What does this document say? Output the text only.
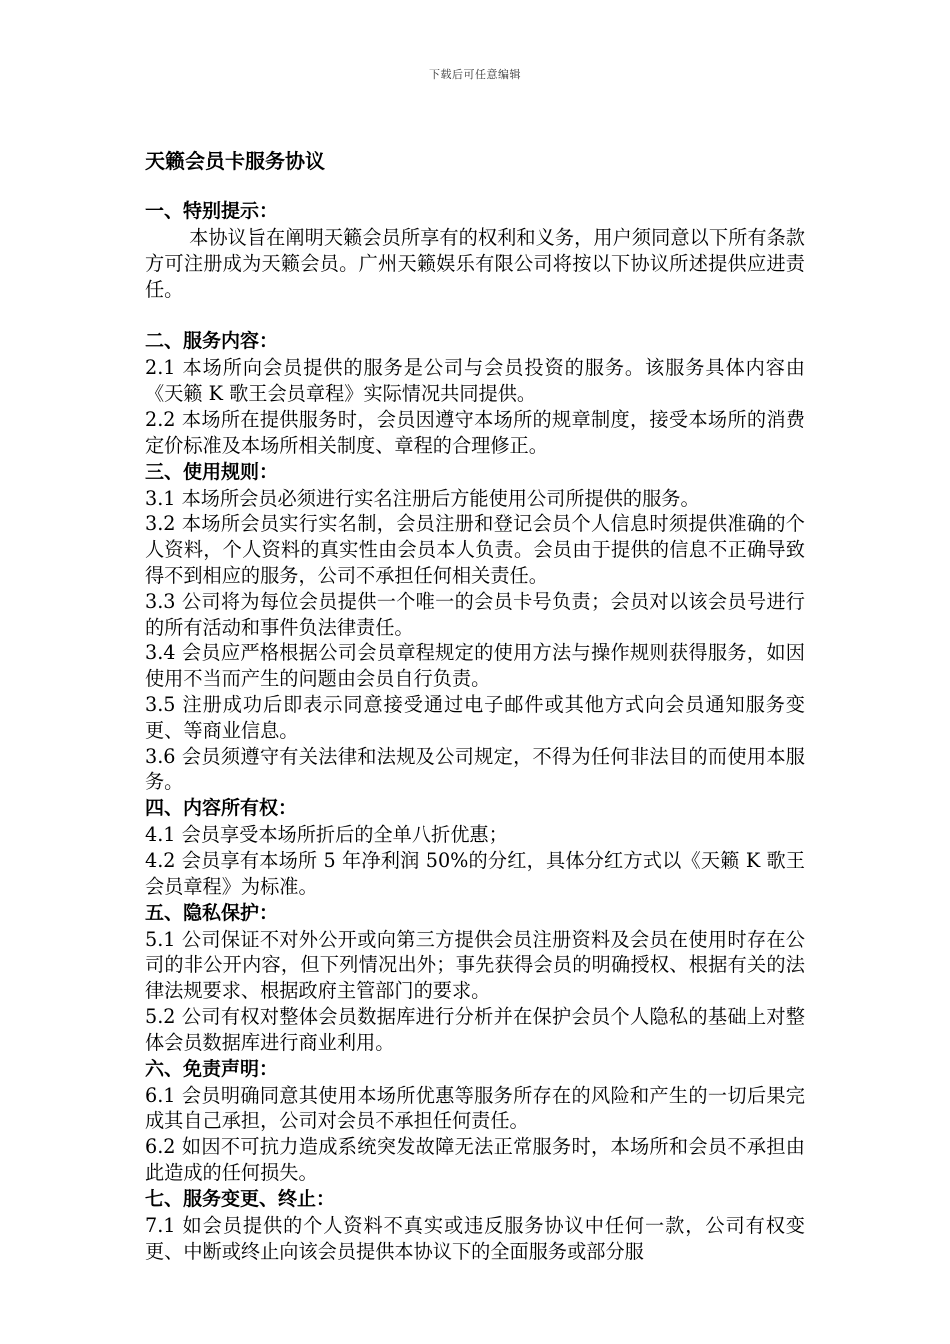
下载后可任意编辑
天籁会员卡服务协议
一、特别提示：

本协议旨在阐明天籁会员所享有的权利和义务，用户须同意以下所有条款方可注册成为天籁会员。广州天籁娱乐有限公司将按以下协议所述提供应进责任。

二、服务内容：

2.1 本场所向会员提供的服务是公司与会员投资的服务。该服务具体内容由《天籁 K 歌王会员章程》实际情况共同提供。

2.2 本场所在提供服务时，会员因遵守本场所的规章制度，接受本场所的消费定价标准及本场所相关制度、章程的合理修正。

三、使用规则：

3.1 本场所会员必须进行实名注册后方能使用公司所提供的服务。

3.2 本场所会员实行实名制，会员注册和登记会员个人信息时须提供准确的个人资料，个人资料的真实性由会员本人负责。会员由于提供的信息不正确导致得不到相应的服务，公司不承担任何相关责任。

3.3 公司将为每位会员提供一个唯一的会员卡号负责；会员对以该会员号进行的所有活动和事件负法律责任。

3.4 会员应严格根据公司会员章程规定的使用方法与操作规则获得服务，如因使用不当而产生的问题由会员自行负责。

3.5 注册成功后即表示同意接受通过电子邮件或其他方式向会员通知服务变更、等商业信息。

3.6 会员须遵守有关法律和法规及公司规定，不得为任何非法目的而使用本服务。

四、内容所有权：

4.1 会员享受本场所折后的全单八折优惠；

4.2 会员享有本场所 5 年净利润 50%的分红，具体分红方式以《天籁 K 歌王会员章程》为标准。

五、隐私保护：

5.1 公司保证不对外公开或向第三方提供会员注册资料及会员在使用时存在公司的非公开内容，但下列情况出外；事先获得会员的明确授权、根据有关的法律法规要求、根据政府主管部门的要求。

5.2 公司有权对整体会员数据库进行分析并在保护会员个人隐私的基础上对整体会员数据库进行商业利用。

六、免责声明：

6.1 会员明确同意其使用本场所优惠等服务所存在的风险和产生的一切后果完成其自己承担，公司对会员不承担任何责任。

6.2 如因不可抗力造成系统突发故障无法正常服务时，本场所和会员不承担由此造成的任何损失。

七、服务变更、终止：

7.1 如会员提供的个人资料不真实或违反服务协议中任何一款，公司有权变更、中断或终止向该会员提供本协议下的全面服务或部分服
